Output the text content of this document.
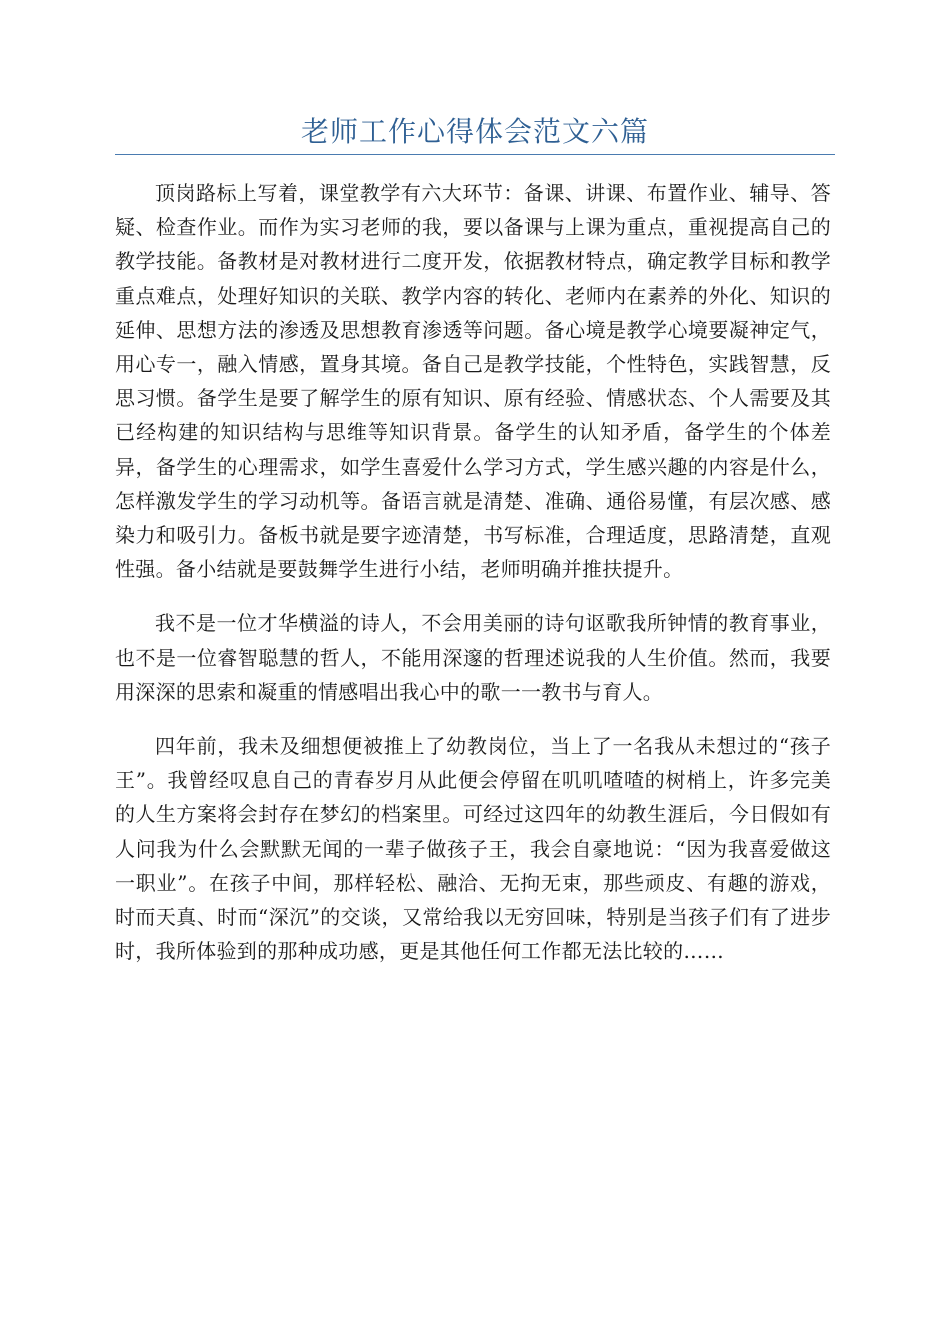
老师工作心得体会范文六篇

顶岗路标上写着，课堂教学有六大环节：备课、讲课、布置作业、辅导、答疑、检查作业。而作为实习老师的我，要以备课与上课为重点，重视提高自己的教学技能。备教材是对教材进行二度开发，依据教材特点，确定教学目标和教学重点难点，处理好知识的关联、教学内容的转化、老师内在素养的外化、知识的延伸、思想方法的渗透及思想教育渗透等问题。备心境是教学心境要凝神定气，用心专一，融入情感，置身其境。备自己是教学技能，个性特色，实践智慧，反思习惯。备学生是要了解学生的原有知识、原有经验、情感状态、个人需要及其已经构建的知识结构与思维等知识背景。备学生的认知矛盾，备学生的个体差异，备学生的心理需求，如学生喜爱什么学习方式，学生感兴趣的内容是什么，怎样激发学生的学习动机等。备语言就是清楚、准确、通俗易懂，有层次感、感染力和吸引力。备板书就是要字迹清楚，书写标准，合理适度，思路清楚，直观性强。备小结就是要鼓舞学生进行小结，老师明确并推扶提升。

我不是一位才华横溢的诗人，不会用美丽的诗句讴歌我所钟情的教育事业，也不是一位睿智聪慧的哲人，不能用深邃的哲理述说我的人生价值。然而，我要用深深的思索和凝重的情感唱出我心中的歌一一教书与育人。

四年前，我未及细想便被推上了幼教岗位，当上了一名我从未想过的“孩子王”。我曾经叹息自己的青春岁月从此便会停留在叽叽喳喳的树梢上，许多完美的人生方案将会封存在梦幻的档案里。可经过这四年的幼教生涯后，今日假如有人问我为什么会默默无闻的一辈子做孩子王，我会自豪地说：“因为我喜爱做这一职业”。在孩子中间，那样轻松、融洽、无拘无束，那些顽皮、有趣的游戏，时而天真、时而“深沉”的交谈，又常给我以无穷回味，特别是当孩子们有了进步时，我所体验到的那种成功感，更是其他任何工作都无法比较的……
